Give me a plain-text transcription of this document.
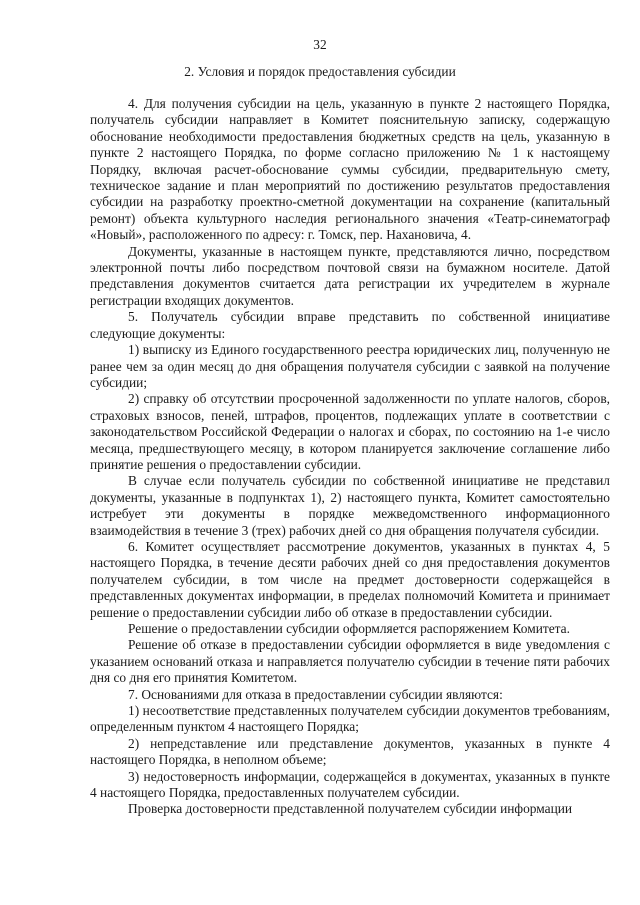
32
2. Условия и порядок предоставления субсидии

4. Для получения субсидии на цель, указанную в пункте 2 настоящего Порядка, получатель субсидии направляет в Комитет пояснительную записку, содержащую обоснование необходимости предоставления бюджетных средств на цель, указанную в пункте 2 настоящего Порядка, по форме согласно приложению № 1 к настоящему Порядку, включая расчет-обоснование суммы субсидии, предварительную смету, техническое задание и план мероприятий по достижению результатов предоставления субсидии на разработку проектно-сметной документации на сохранение (капитальный ремонт) объекта культурного наследия регионального значения «Театр-синематограф «Новый», расположенного по адресу: г. Томск, пер. Нахановича, 4.

Документы, указанные в настоящем пункте, представляются лично, посредством электронной почты либо посредством почтовой связи на бумажном носителе. Датой представления документов считается дата регистрации их учредителем в журнале регистрации входящих документов.

5. Получатель субсидии вправе представить по собственной инициативе следующие документы:

1) выписку из Единого государственного реестра юридических лиц, полученную не ранее чем за один месяц до дня обращения получателя субсидии с заявкой на получение субсидии;

2) справку об отсутствии просроченной задолженности по уплате налогов, сборов, страховых взносов, пеней, штрафов, процентов, подлежащих уплате в соответствии с законодательством Российской Федерации о налогах и сборах, по состоянию на 1-е число месяца, предшествующего месяцу, в котором планируется заключение соглашение либо принятие решения о предоставлении субсидии.

В случае если получатель субсидии по собственной инициативе не представил документы, указанные в подпунктах 1), 2) настоящего пункта, Комитет самостоятельно истребует эти документы в порядке межведомственного информационного взаимодействия в течение 3 (трех) рабочих дней со дня обращения получателя субсидии.

6. Комитет осуществляет рассмотрение документов, указанных в пунктах 4, 5 настоящего Порядка, в течение десяти рабочих дней со дня предоставления документов получателем субсидии, в том числе на предмет достоверности содержащейся в представленных документах информации, в пределах полномочий Комитета и принимает решение о предоставлении субсидии либо об отказе в предоставлении субсидии.

Решение о предоставлении субсидии оформляется распоряжением Комитета.

Решение об отказе в предоставлении субсидии оформляется в виде уведомления с указанием оснований отказа и направляется получателю субсидии в течение пяти рабочих дня со дня его принятия Комитетом.

7. Основаниями для отказа в предоставлении субсидии являются:

1) несоответствие представленных получателем субсидии документов требованиям, определенным пунктом 4 настоящего Порядка;

2) непредставление или представление документов, указанных в пункте 4 настоящего Порядка, в неполном объеме;

3) недостоверность информации, содержащейся в документах, указанных в пункте 4 настоящего Порядка, предоставленных получателем субсидии.

Проверка достоверности представленной получателем субсидии информации
